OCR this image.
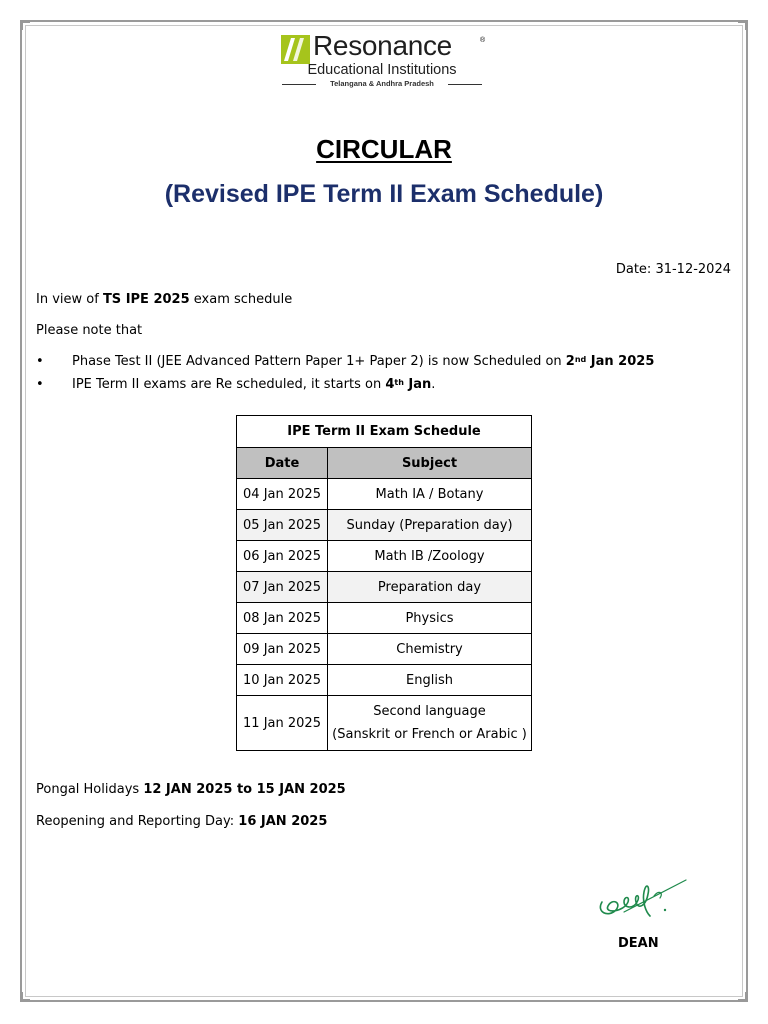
Resonance	®
Educational Institutions
Telangana & Andhra Pradesh
CIRCULAR
(Revised IPE Term II Exam Schedule)
Date: 31-12-2024
In view of TS IPE 2025 exam schedule
Please note that
• Phase Test II (JEE Advanced Pattern Paper 1+ Paper 2) is now Scheduled on 2nd Jan 2025
• IPE Term II exams are Re scheduled, it starts on 4th Jan.
IPE Term II Exam Schedule	
Date	Subject
04 Jan 2025	Math IA / Botany
05 Jan 2025	Sunday (Preparation day)
06 Jan 2025	Math IB /Zoology
07 Jan 2025	Preparation day
08 Jan 2025	Physics
09 Jan 2025	Chemistry
10 Jan 2025	English
11 Jan 2025	Second language
(Sanskrit or French or Arabic )
Pongal Holidays 12 JAN 2025 to 15 JAN 2025
Reopening and Reporting Day: 16 JAN 2025
DEAN
